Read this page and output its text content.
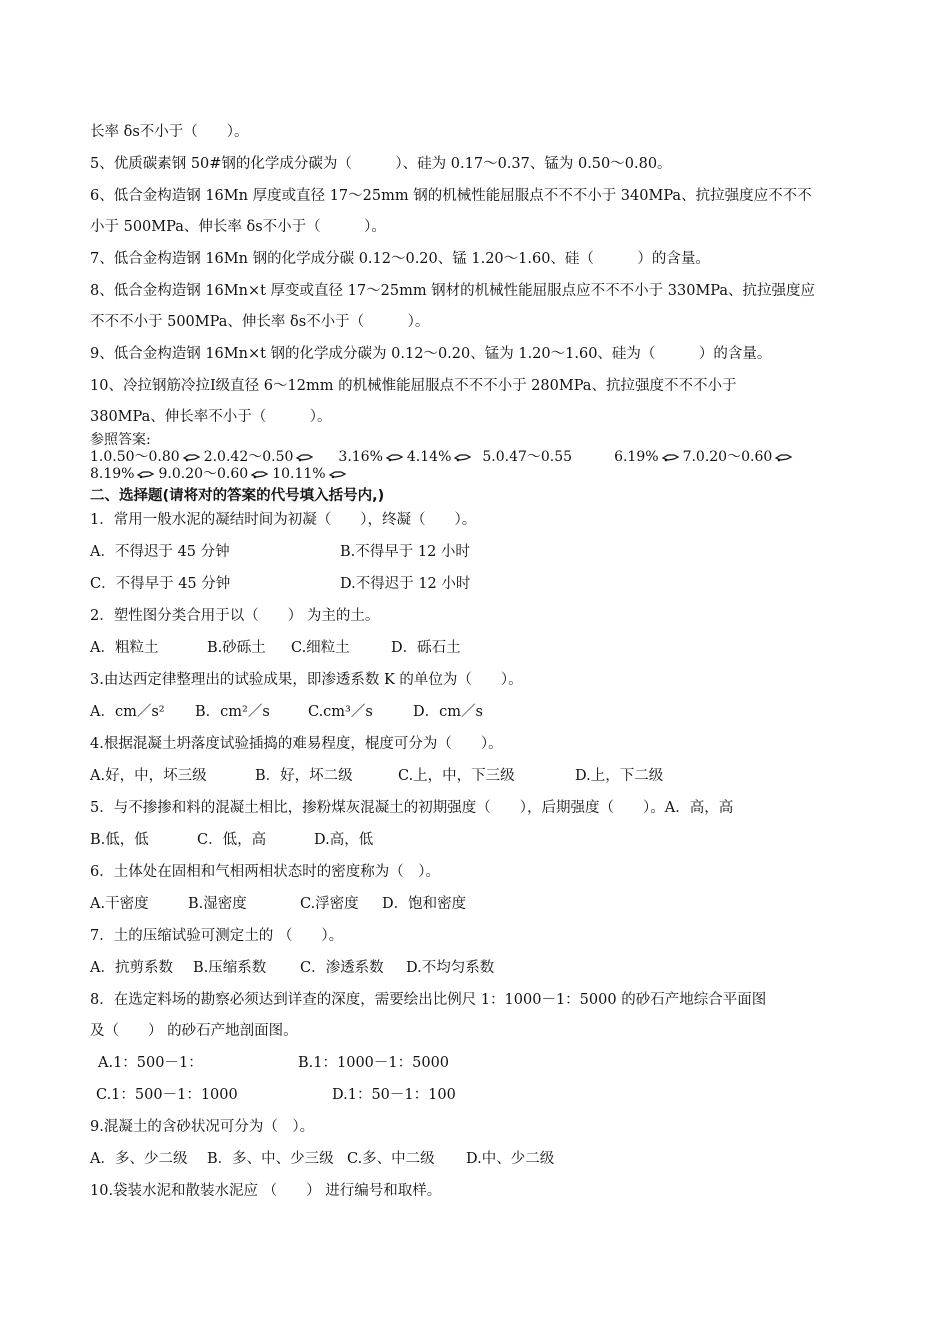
长率 δs不小于（　　）。
5、优质碳素钢 50#钢的化学成分碳为（　　　）、硅为 0.17～0.37、锰为 0.50～0.80。
6、低合金构造钢 16Mn 厚度或直径 17～25mm 钢的机械性能屈服点不不不小于 340MPa、抗拉强度应不不不
小于 500MPa、伸长率 δs不小于（　　　）。
7、低合金构造钢 16Mn 钢的化学成分碳 0.12～0.20、锰 1.20～1.60、硅（　　　）的含量。
8、低合金构造钢 16Mn×t 厚变或直径 17～25mm 钢材的机械性能屈服点应不不不小于 330MPa、抗拉强度应
不不不小于 500MPa、伸长率 δs不小于（　　　）。
9、低合金构造钢 16Mn×t 钢的化学成分碳为 0.12～0.20、锰为 1.20～1.60、硅为（　　　）的含量。
10、冷拉钢筋冷拉Ⅰ级直径 6～12mm 的机械惟能屈服点不不不小于 280MPa、抗拉强度不不不小于
380MPa、伸长率不小于（　　　）。
参照答案:
1.0.50～0.80 2.0.42～0.50  	3.16% 4.14%  5.0.47～0.55   	6.19% 7.0.20～0.60
8.19% 9.0.20～0.60 10.11%
二、选择题(请将对的答案的代号填入括号内,)
1．常用一般水泥的凝结时间为初凝（　　），终凝（　　）。
A．不得迟于 45 分钟	B.不得早于 12 小时
C．不得早于 45 分钟	D.不得迟于 12 小时
2．塑性图分类合用于以（　　） 为主的土。
A．粗粒土	B.砂砾土 C.细粒土	D．砾石土
3.由达西定律整理出的试验成果，即渗透系数 K 的单位为（　　）。
A．cm／s² B．cm²／s	C.cm³／s	D．cm／s
4.根据混凝土坍落度试验插捣的难易程度，棍度可分为（　　）。
A.好，中，坏三级	B．好，坏二级	C.上，中，下三级	D.上，下二级
5．与不掺掺和料的混凝土相比，掺粉煤灰混凝土的初期强度（　　），后期强度（　　）。A．高，高
B.低，低	C．低，高	D.高，低
6．土体处在固相和气相两相状态时的密度称为（　）。
A.干密度	B.湿密度	C.浮密度 D．饱和密度
7．土的压缩试验可测定土的 （　　）。
A．抗剪系数 B.压缩系数 C．渗透系数 D.不均匀系数
8．在选定料场的勘察必须达到详查的深度，需要绘出比例尺 1：1000－1：5000 的砂石产地综合平面图
及（　　） 的砂石产地剖面图。
A.1：500－1：	B.1：1000－1：5000
C.1：500－1：1000	D.1：50－1：100
9.混凝土的含砂状况可分为（　）。
A．多、少二级 B．多、中、少三级 C.多、中二级 D.中、少二级
10.袋装水泥和散装水泥应 （　　） 进行编号和取样。
